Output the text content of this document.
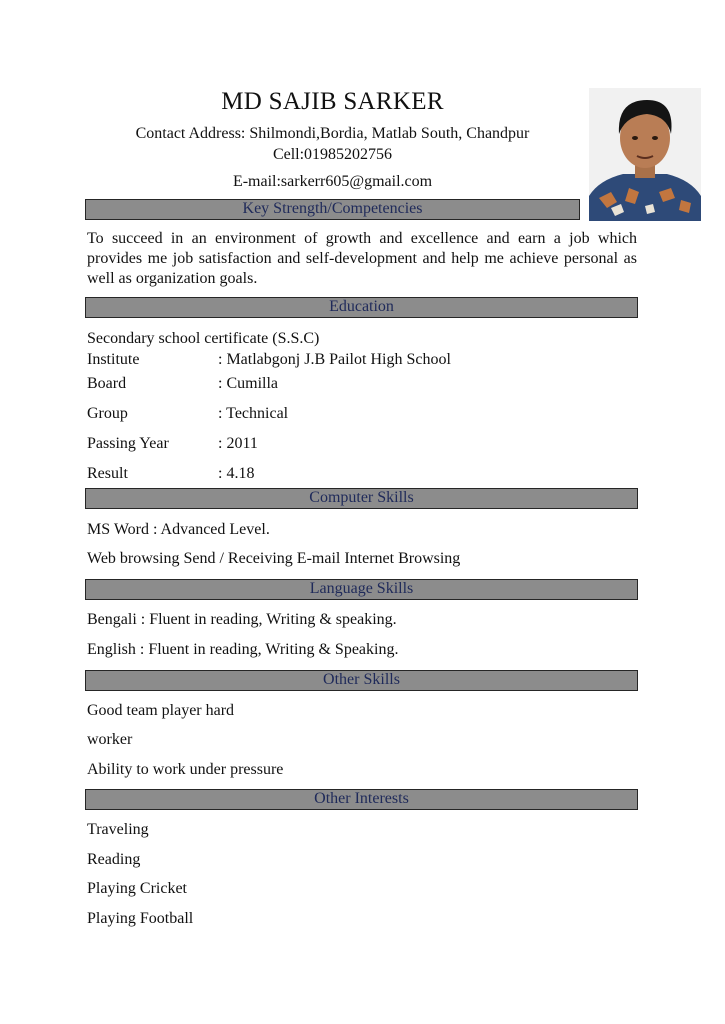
MD SAJIB SARKER
Contact Address: Shilmondi,Bordia, Matlab South, Chandpur
Cell:01985202756
E-mail:sarkerr605@gmail.com
Key Strength/Competencies
To succeed in an environment of growth and excellence and earn a job which provides me job satisfaction and self-development and help me achieve personal as well as organization goals.
Education
Secondary school certificate (S.S.C)
Institute	: Matlabgonj J.B Pailot High School
Board	: Cumilla
Group	: Technical
Passing Year	: 2011
Result	: 4.18
Computer Skills
MS Word : Advanced Level.
Web browsing Send / Receiving E-mail Internet Browsing
Language Skills
Bengali : Fluent in reading, Writing & speaking.
English : Fluent in reading, Writing & Speaking.
Other Skills
Good team player hard
worker
Ability to work under pressure
Other Interests
Traveling
Reading
Playing Cricket
Playing Football
